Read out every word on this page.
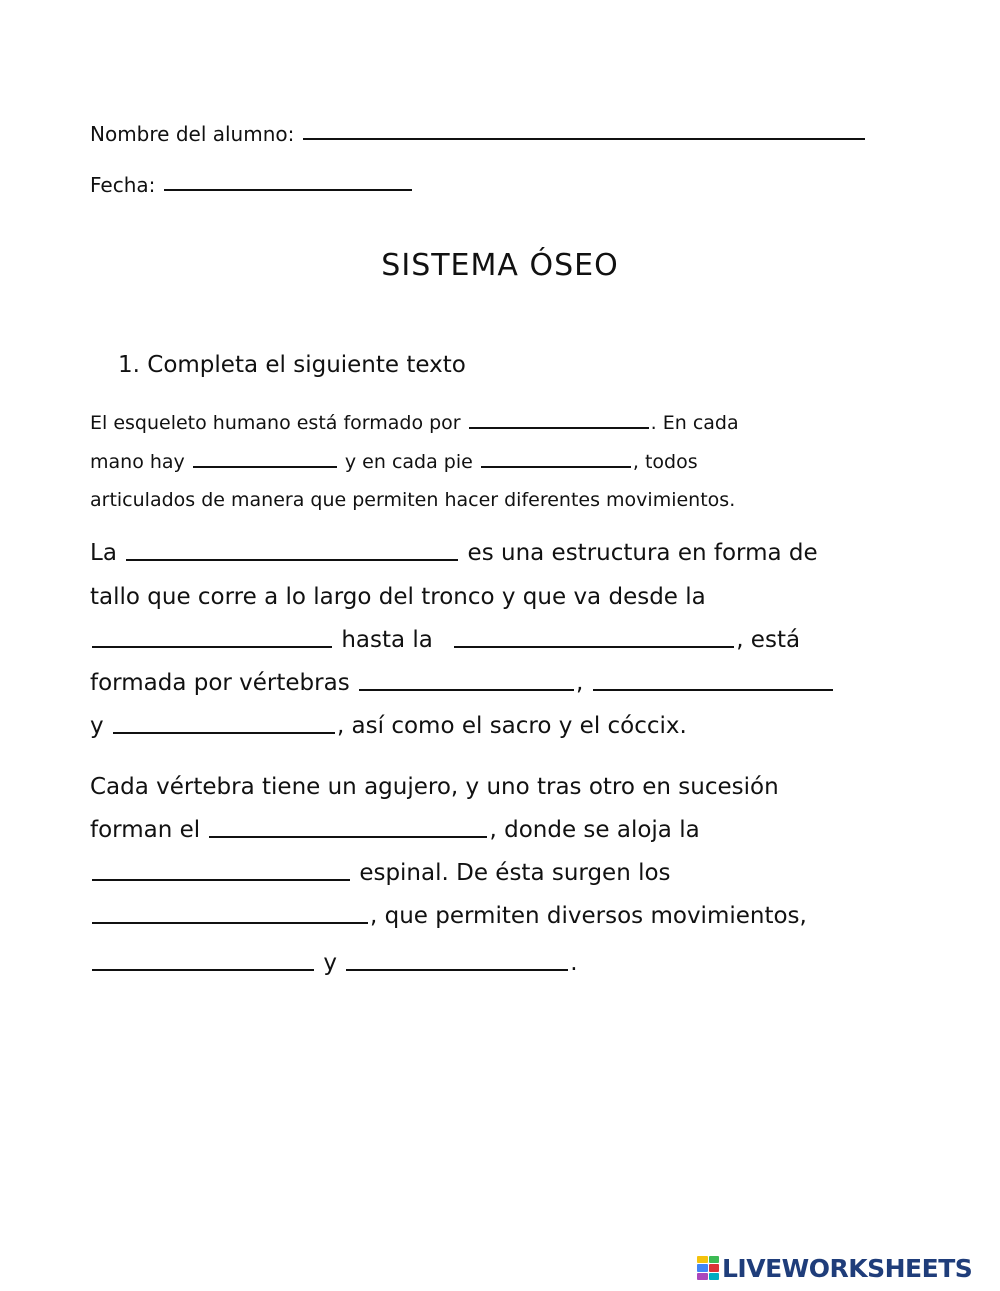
Nombre del alumno:
Fecha:
SISTEMA ÓSEO
1. Completa el siguiente texto
El esqueleto humano está formado por	. En cada
mano hay	y en cada pie	, todos
articulados de manera que permiten hacer diferentes movimientos.
La	es una estructura en forma de
tallo que corre a lo largo del tronco y que va desde la
hasta la	, está
formada por vértebras	,
y	, así como el sacro y el cóccix.
Cada vértebra tiene un agujero, y uno tras otro en sucesión
forman el	, donde se aloja la
espinal. De ésta surgen los
, que permiten diversos movimientos,
y	.
LIVEWORKSHEETS
